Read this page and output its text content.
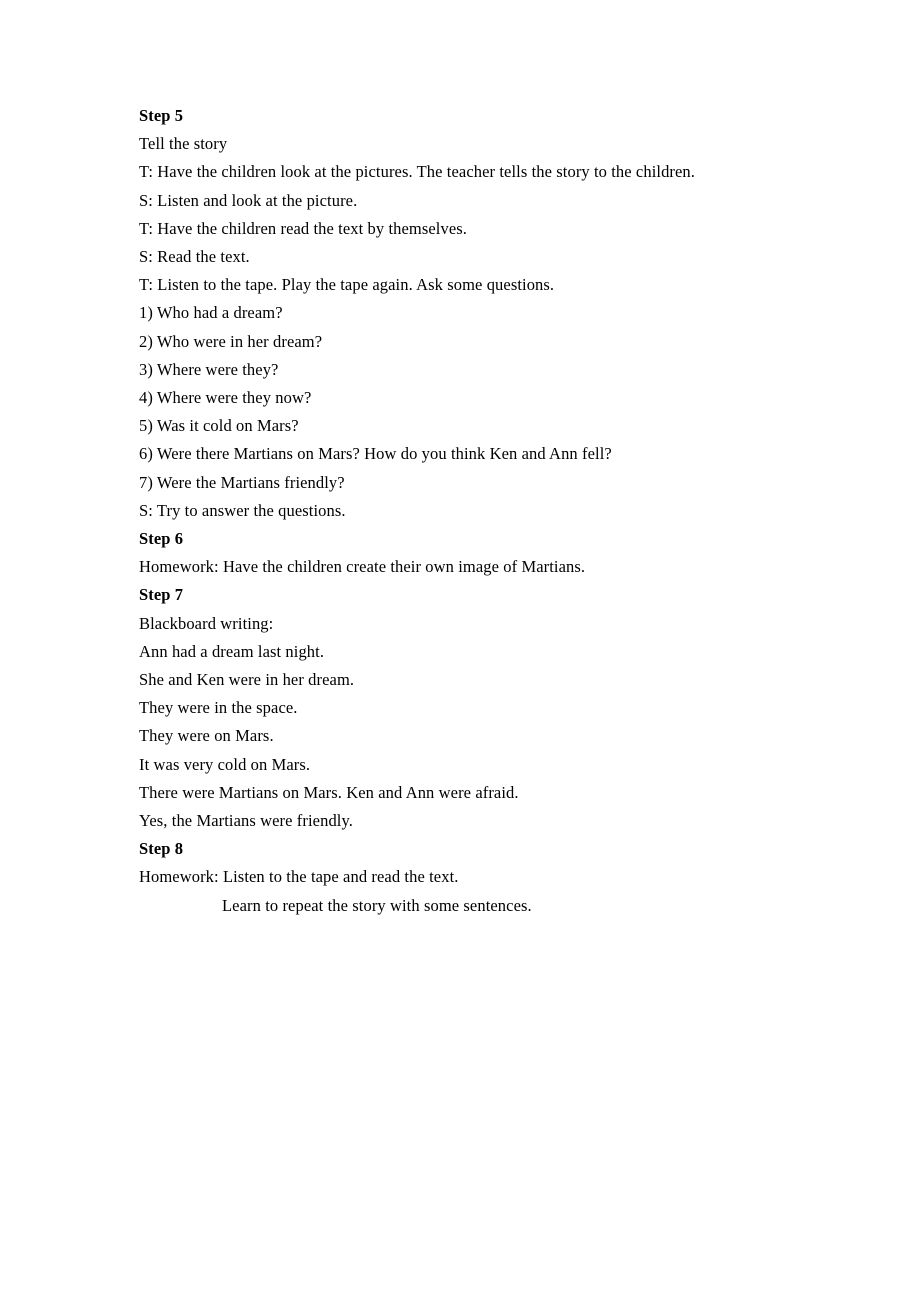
Step 5

Tell the story

T: Have the children look at the pictures. The teacher tells the story to the children.

S: Listen and look at the picture.

T: Have the children read the text by themselves.

S: Read the text.

T: Listen to the tape. Play the tape again. Ask some questions.

1) Who had a dream?

2) Who were in her dream?

3) Where were they?

4) Where were they now?

5) Was it cold on Mars?

6) Were there Martians on Mars? How do you think Ken and Ann fell?

7) Were the Martians friendly?

S: Try to answer the questions.

Step 6

Homework: Have the children create their own image of Martians.

Step 7

Blackboard writing:

Ann had a dream last night.

She and Ken were in her dream.

They were in the space.

They were on Mars.

It was very cold on Mars.

There were Martians on Mars. Ken and Ann were afraid.

Yes, the Martians were friendly.

Step 8

Homework: Listen to the tape and read the text.

Learn to repeat the story with some sentences.
